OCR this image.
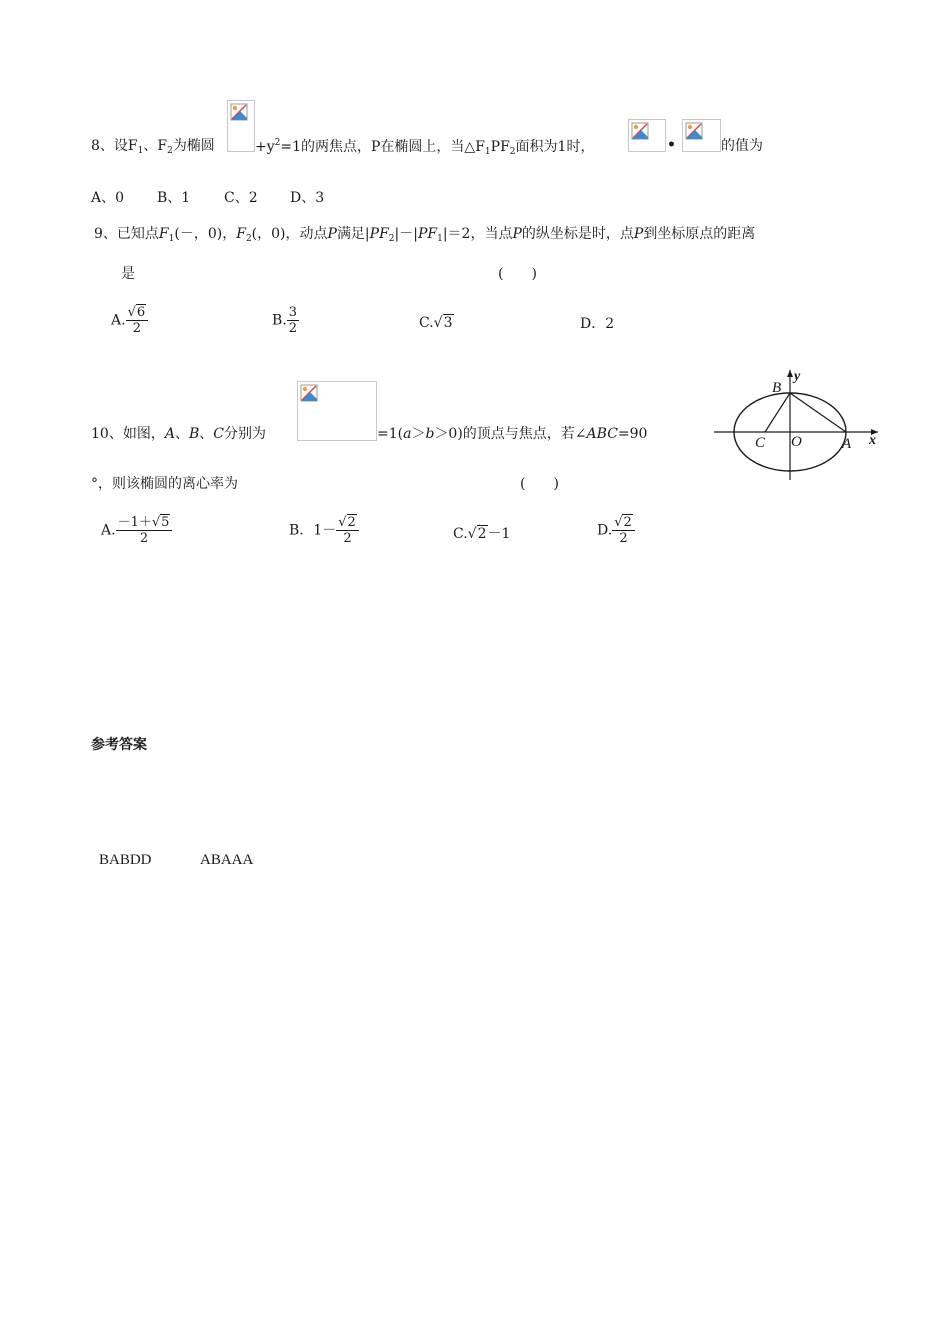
8、设$F_1$、$F_2$为椭圆	$+y^2=1$的两焦点，P在椭圆上，当$\triangle F_1PF_2$面积为1时，	•	的值为
A、0 B、1 C、2 D、3
9、已知点$F_1(-$，0)，$F_2$(，0)，动点P满足$|PF_2|-|PF_1|=2$，当点P的纵坐标是时，点P到坐标原点的距离
是	(　　)
A. $\frac{√6}{2}$	B. $\frac{3}{2}$	C.√3	D．2
10、如图，A、B、C分别为	=1(a＞b＞0)的顶点与焦点，若∠ABC=90
°，则该椭圆的离心率为	(　　)
A. $\frac{-1+√5}{2}$	B．$1- \frac{√2}{2}$	C.√2－1	D. $\frac{√2}{2}$
B
y
C O	A x
参考答案
BABDD	ABAAA
